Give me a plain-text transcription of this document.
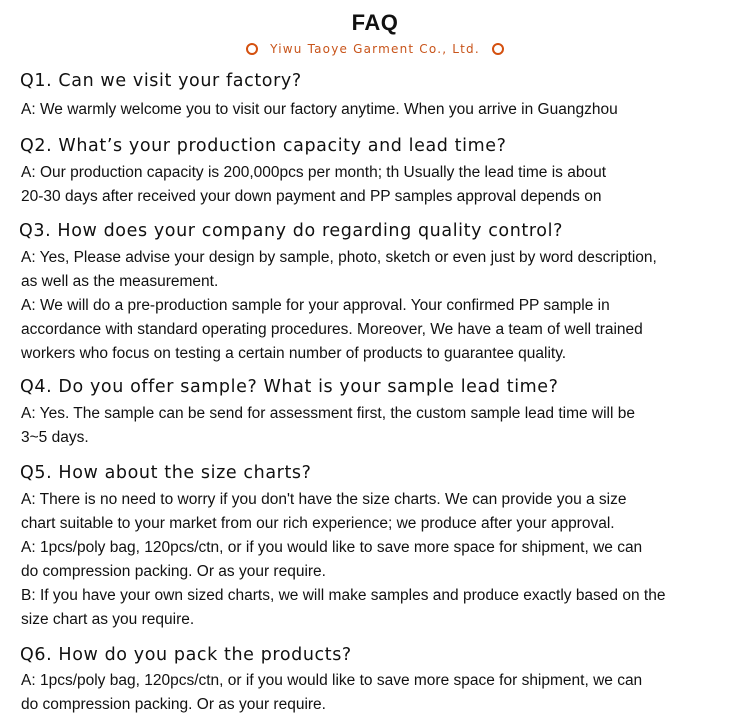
FAQ
Yiwu Taoye Garment Co., Ltd.
Q1. Can we visit your factory?
A: We warmly welcome you to visit our factory anytime. When you arrive in Guangzhou
Q2. What’s your production capacity and lead time?
A: Our production capacity is 200,000pcs per month; th Usually the lead time is about
20-30 days after received your down payment and PP samples approval depends on
Q3. How does your company do regarding quality control?
A: Yes, Please advise your design by sample, photo, sketch or even just by word description,
as well as the measurement.
A: We will do a pre-production sample for your approval. Your confirmed PP sample in
accordance with standard operating procedures. Moreover, We have a team of well trained
workers who focus on testing a certain number of products to guarantee quality.
Q4. Do you offer sample? What is your sample lead time?
A: Yes. The sample can be send for assessment first, the custom sample lead time will be
3~5 days.
Q5. How about the size charts?
A: There is no need to worry if you don't have the size charts. We can provide you a size
chart suitable to your market from our rich experience; we produce after your approval.
A: 1pcs/poly bag, 120pcs/ctn, or if you would like to save more space for shipment, we can
do compression packing. Or as your require.
B: If you have your own sized charts, we will make samples and produce exactly based on the
size chart as you require.
Q6. How do you pack the products?
A: 1pcs/poly bag, 120pcs/ctn, or if you would like to save more space for shipment, we can
do compression packing. Or as your require.
